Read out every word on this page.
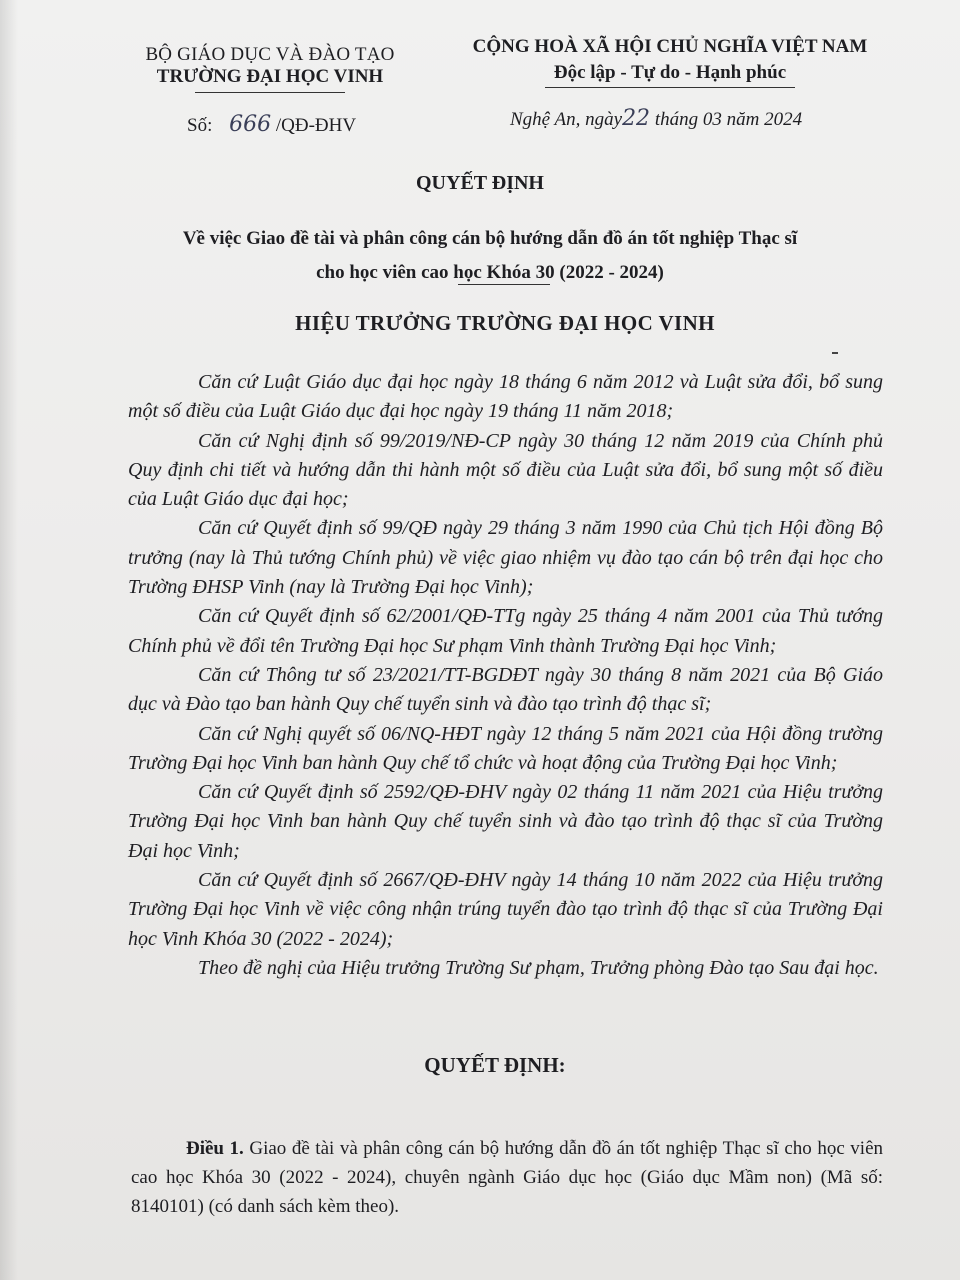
BỘ GIÁO DỤC VÀ ĐÀO TẠO
TRƯỜNG ĐẠI HỌC VINH
CỘNG HOÀ XÃ HỘI CHỦ NGHĨA VIỆT NAM
Độc lập - Tự do - Hạnh phúc
Số: 666 /QĐ-ĐHV	Nghệ An, ngày22 tháng 03 năm 2024
QUYẾT ĐỊNH
Về việc Giao đề tài và phân công cán bộ hướng dẫn đồ án tốt nghiệp Thạc sĩ
cho học viên cao học Khóa 30 (2022 - 2024)
HIỆU TRƯỞNG TRƯỜNG ĐẠI HỌC VINH

Căn cứ Luật Giáo dục đại học ngày 18 tháng 6 năm 2012 và Luật sửa đổi, bổ sung một số điều của Luật Giáo dục đại học ngày 19 tháng 11 năm 2018;

Căn cứ Nghị định số 99/2019/NĐ-CP ngày 30 tháng 12 năm 2019 của Chính phủ Quy định chi tiết và hướng dẫn thi hành một số điều của Luật sửa đổi, bổ sung một số điều của Luật Giáo dục đại học;

Căn cứ Quyết định số 99/QĐ ngày 29 tháng 3 năm 1990 của Chủ tịch Hội đồng Bộ trưởng (nay là Thủ tướng Chính phủ) về việc giao nhiệm vụ đào tạo cán bộ trên đại học cho Trường ĐHSP Vinh (nay là Trường Đại học Vinh);

Căn cứ Quyết định số 62/2001/QĐ-TTg ngày 25 tháng 4 năm 2001 của Thủ tướng Chính phủ về đổi tên Trường Đại học Sư phạm Vinh thành Trường Đại học Vinh;

Căn cứ Thông tư số 23/2021/TT-BGDĐT ngày 30 tháng 8 năm 2021 của Bộ Giáo dục và Đào tạo ban hành Quy chế tuyển sinh và đào tạo trình độ thạc sĩ;

Căn cứ Nghị quyết số 06/NQ-HĐT ngày 12 tháng 5 năm 2021 của Hội đồng trường Trường Đại học Vinh ban hành Quy chế tổ chức và hoạt động của Trường Đại học Vinh;

Căn cứ Quyết định số 2592/QĐ-ĐHV ngày 02 tháng 11 năm 2021 của Hiệu trưởng Trường Đại học Vinh ban hành Quy chế tuyển sinh và đào tạo trình độ thạc sĩ của Trường Đại học Vinh;

Căn cứ Quyết định số 2667/QĐ-ĐHV ngày 14 tháng 10 năm 2022 của Hiệu trưởng Trường Đại học Vinh về việc công nhận trúng tuyển đào tạo trình độ thạc sĩ của Trường Đại học Vinh Khóa 30 (2022 - 2024);

Theo đề nghị của Hiệu trưởng Trường Sư phạm, Trưởng phòng Đào tạo Sau đại học.

QUYẾT ĐỊNH:

Điều 1. Giao đề tài và phân công cán bộ hướng dẫn đồ án tốt nghiệp Thạc sĩ cho học viên cao học Khóa 30 (2022 - 2024), chuyên ngành Giáo dục học (Giáo dục Mầm non) (Mã số: 8140101) (có danh sách kèm theo).
